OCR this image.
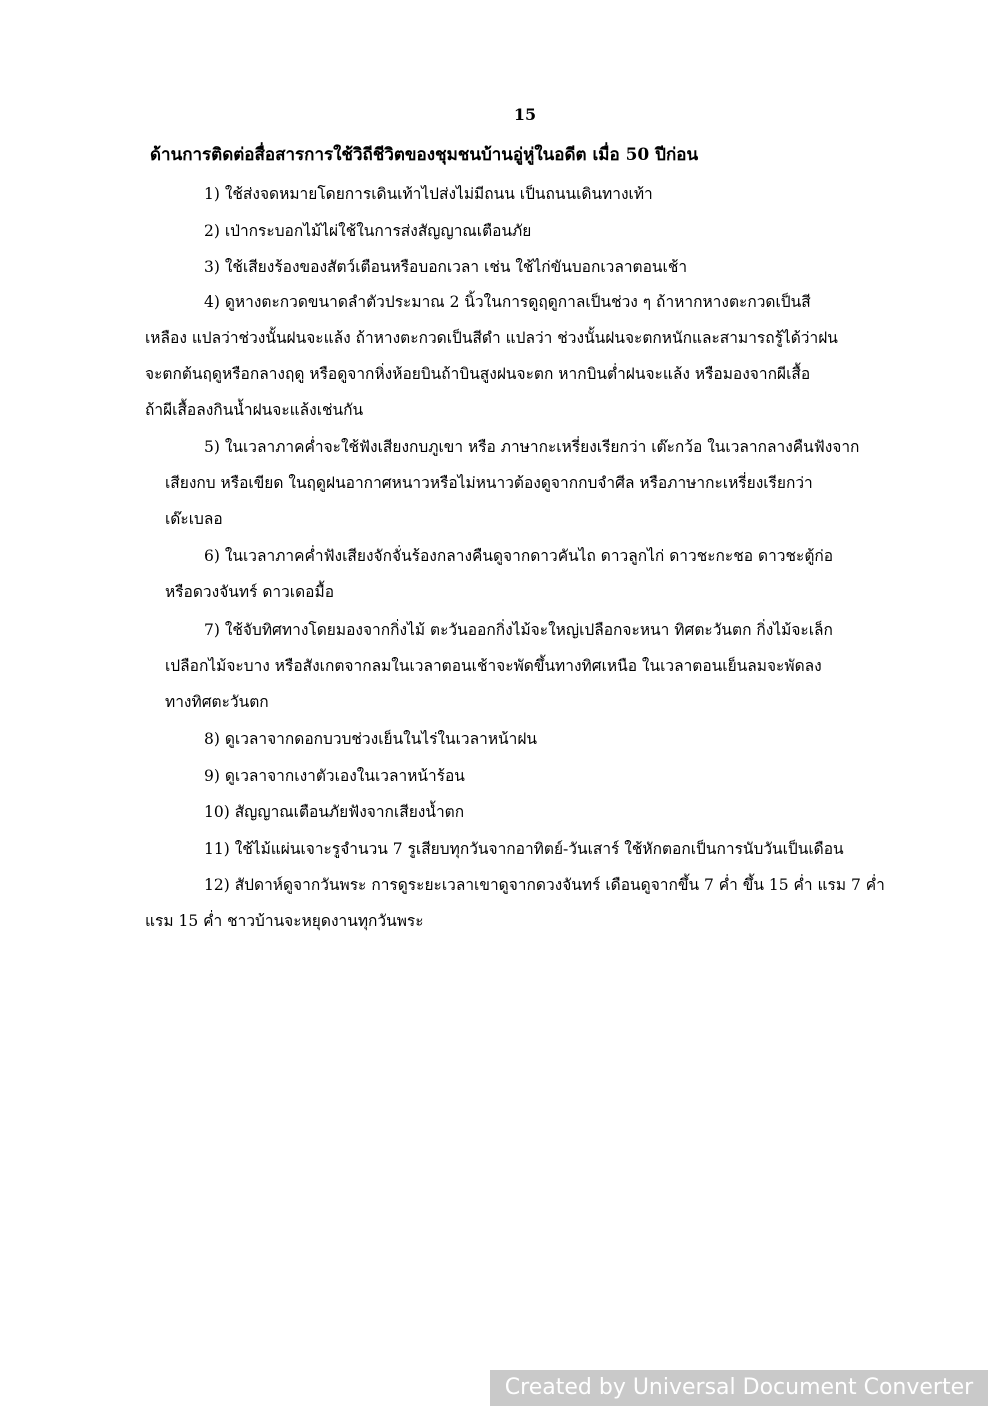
15
ด้านการติดต่อสื่อสารการใช้วิถีชีวิตของชุมชนบ้านอู่หู่ในอดีต เมื่อ 50 ปีก่อน
1) ใช้ส่งจดหมายโดยการเดินเท้าไปส่งไม่มีถนน เป็นถนนเดินทางเท้า
2) เป่ากระบอกไม้ไผ่ใช้ในการส่งสัญญาณเตือนภัย
3) ใช้เสียงร้องของสัตว์เตือนหรือบอกเวลา เช่น ใช้ไก่ขันบอกเวลาตอนเช้า
4) ดูหางตะกวดขนาดลำตัวประมาณ 2 นิ้วในการดูฤดูกาลเป็นช่วง ๆ ถ้าหากหางตะกวดเป็นสี
เหลือง แปลว่าช่วงนั้นฝนจะแล้ง ถ้าหางตะกวดเป็นสีดำ แปลว่า ช่วงนั้นฝนจะตกหนักและสามารถรู้ได้ว่าฝน
จะตกต้นฤดูหรือกลางฤดู หรือดูจากหิ่งห้อยบินถ้าบินสูงฝนจะตก หากบินต่ำฝนจะแล้ง หรือมองจากผีเสื้อ
ถ้าผีเสื้อลงกินน้ำฝนจะแล้งเช่นกัน
5) ในเวลาภาคค่ำจะใช้ฟังเสียงกบภูเขา หรือ ภาษากะเหรี่ยงเรียกว่า เต๊ะกว้อ ในเวลากลางคืนฟังจาก
เสียงกบ หรือเขียด ในฤดูฝนอากาศหนาวหรือไม่หนาวต้องดูจากกบจำศีล หรือภาษากะเหรี่ยงเรียกว่า
เด๊ะเบลอ
6) ในเวลาภาคค่ำฟังเสียงจักจั่นร้องกลางคืนดูจากดาวคันไถ ดาวลูกไก่ ดาวชะกะชอ ดาวชะตู้ก่อ
หรือดวงจันทร์ ดาวเดอมื้อ
7) ใช้จับทิศทางโดยมองจากกิ่งไม้ ตะวันออกกิ่งไม้จะใหญ่เปลือกจะหนา ทิศตะวันตก กิ่งไม้จะเล็ก
เปลือกไม้จะบาง หรือสังเกตจากลมในเวลาตอนเช้าจะพัดขึ้นทางทิศเหนือ ในเวลาตอนเย็นลมจะพัดลง
ทางทิศตะวันตก
8) ดูเวลาจากดอกบวบช่วงเย็นในไร่ในเวลาหน้าฝน
9) ดูเวลาจากเงาตัวเองในเวลาหน้าร้อน
10) สัญญาณเตือนภัยฟังจากเสียงน้ำตก
11) ใช้ไม้แผ่นเจาะรูจำนวน 7 รูเสียบทุกวันจากอาทิตย์-วันเสาร์ ใช้หักตอกเป็นการนับวันเป็นเดือน
12) สัปดาห์ดูจากวันพระ การดูระยะเวลาเขาดูจากดวงจันทร์ เดือนดูจากขึ้น 7 ค่ำ ขึ้น 15 ค่ำ แรม 7 ค่ำ
แรม 15 ค่ำ ชาวบ้านจะหยุดงานทุกวันพระ
Created by Universal Document Converter
